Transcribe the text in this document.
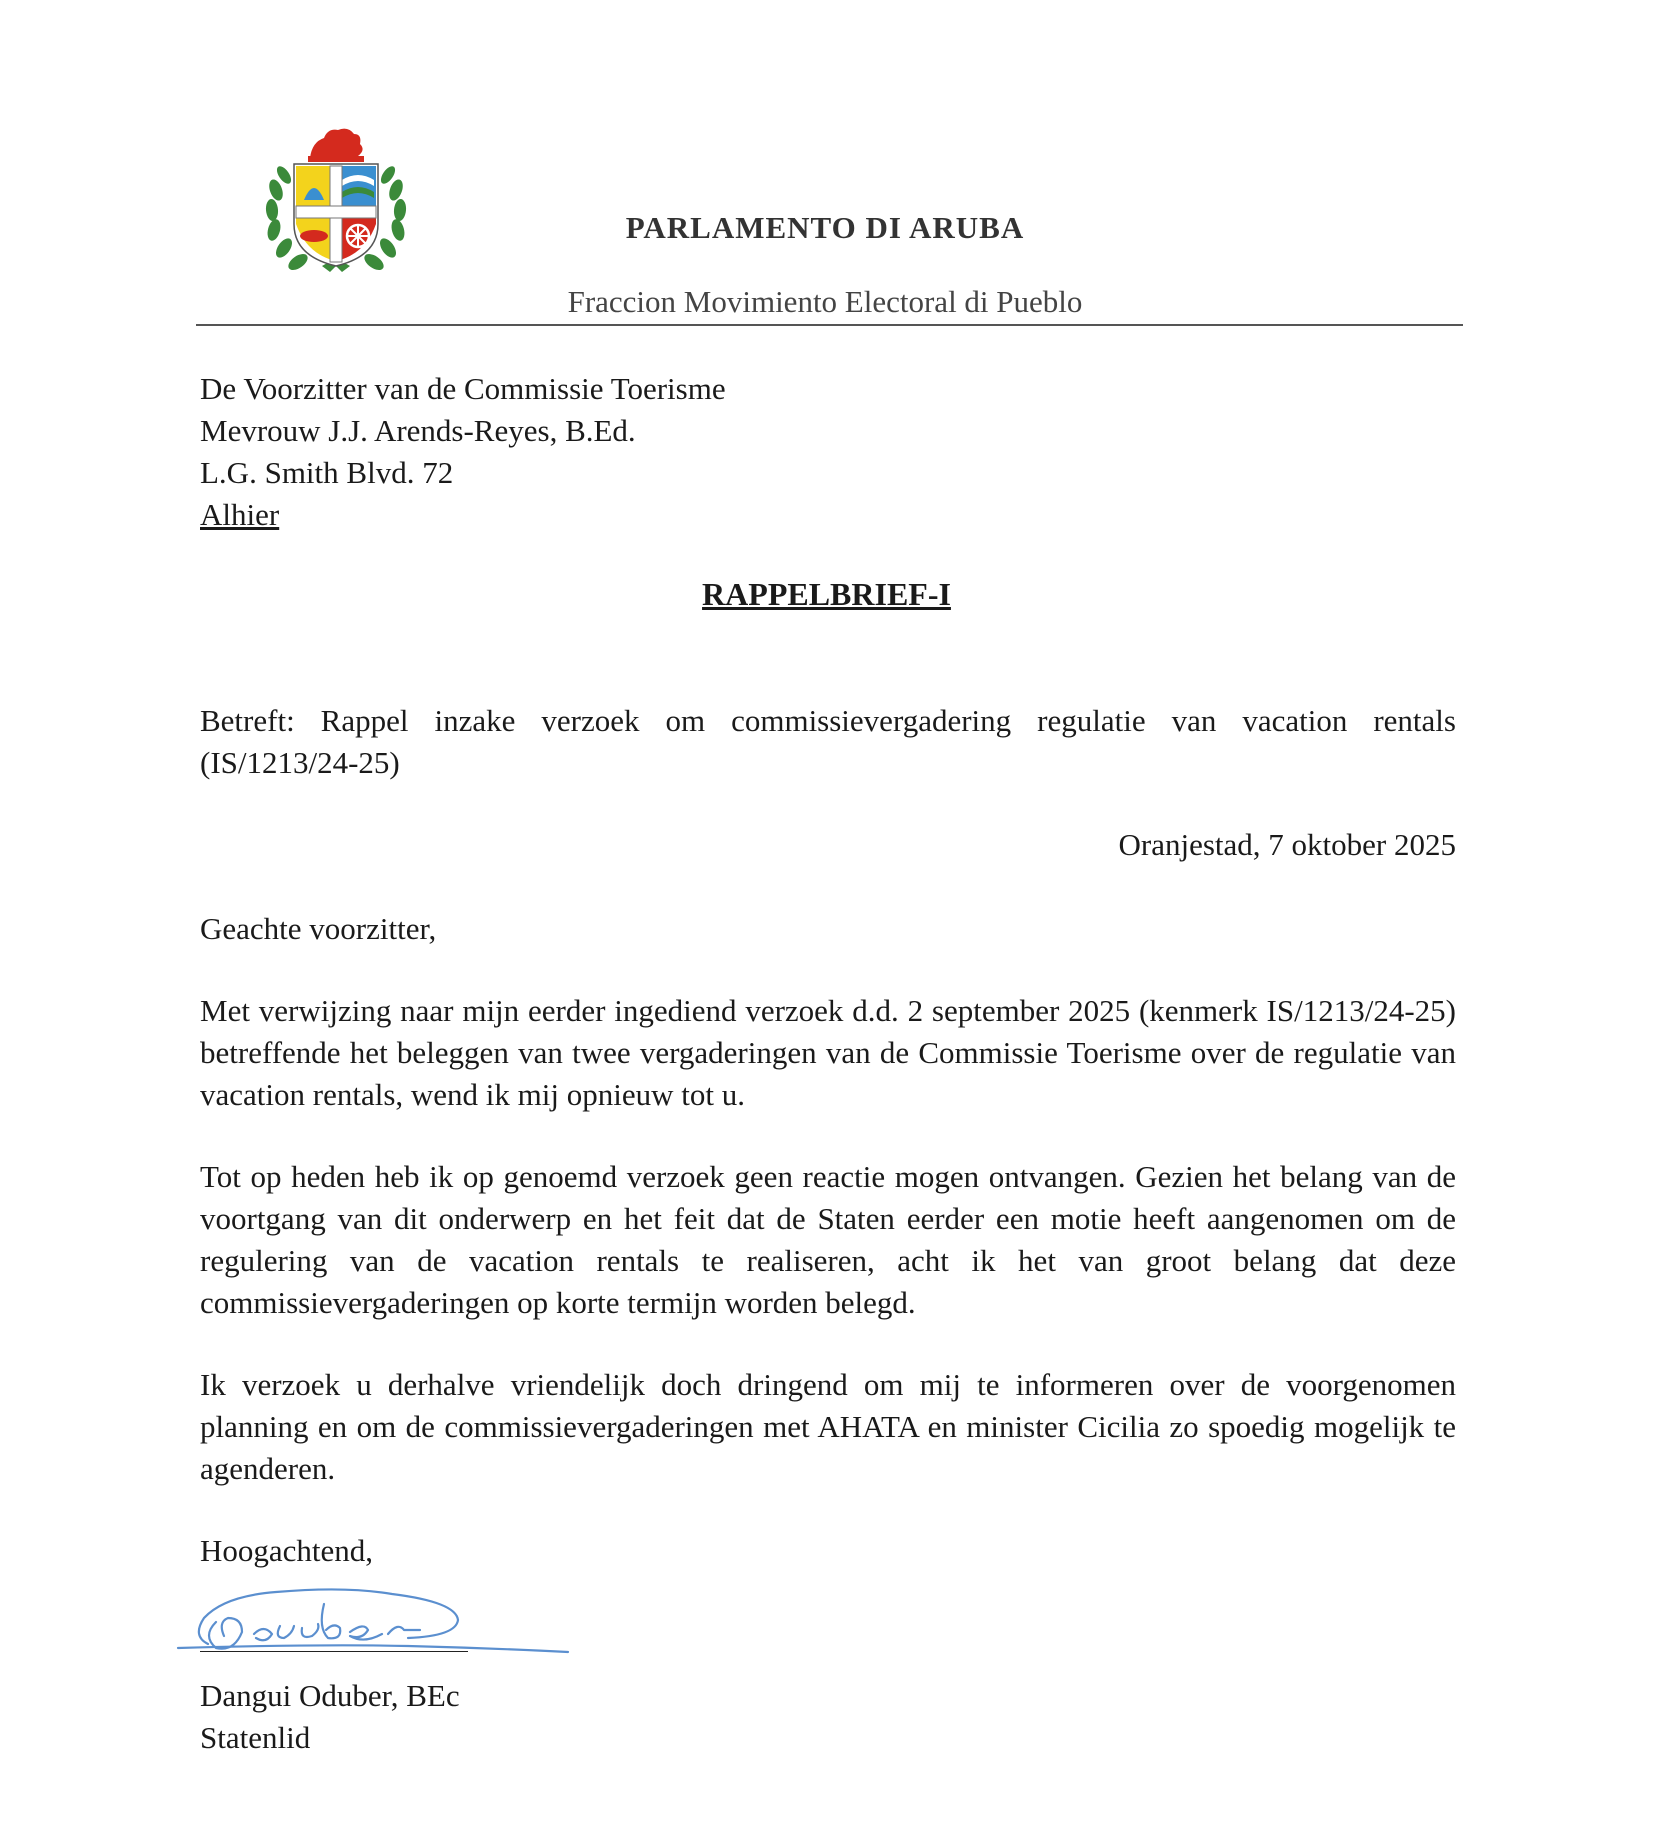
PARLAMENTO DI ARUBA
Fraccion Movimiento Electoral di Pueblo
De Voorzitter van de Commissie Toerisme
Mevrouw J.J. Arends-Reyes, B.Ed.
L.G. Smith Blvd. 72
Alhier
RAPPELBRIEF-I
Betreft: Rappel inzake verzoek om commissievergadering regulatie van vacation rentals (IS/1213/24-25)
Oranjestad, 7 oktober 2025
Geachte voorzitter,
Met verwijzing naar mijn eerder ingediend verzoek d.d. 2 september 2025 (kenmerk IS/1213/24-25) betreffende het beleggen van twee vergaderingen van de Commissie Toerisme over de regulatie van vacation rentals, wend ik mij opnieuw tot u.
Tot op heden heb ik op genoemd verzoek geen reactie mogen ontvangen. Gezien het belang van de voortgang van dit onderwerp en het feit dat de Staten eerder een motie heeft aangenomen om de regulering van de vacation rentals te realiseren, acht ik het van groot belang dat deze commissievergaderingen op korte termijn worden belegd.
Ik verzoek u derhalve vriendelijk doch dringend om mij te informeren over de voorgenomen planning en om de commissievergaderingen met AHATA en minister Cicilia zo spoedig mogelijk te agenderen.
Hoogachtend,
Dangui Oduber, BEc
Statenlid
